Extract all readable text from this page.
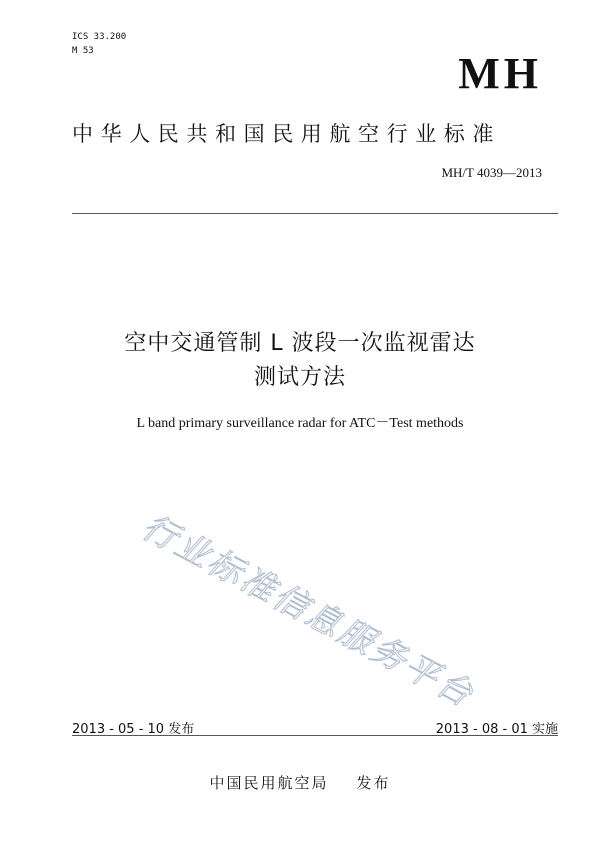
ICS 33.200
M 53	MH
中华人民共和国民用航空行业标准
MH/T 4039—2013
空中交通管制 L 波段一次监视雷达
测试方法
L band primary surveillance radar for ATC－Test methods
行业标准信息服务平台
2013 - 05 - 10 发布	2013 - 08 - 01 实施
中国民用航空局 发布
